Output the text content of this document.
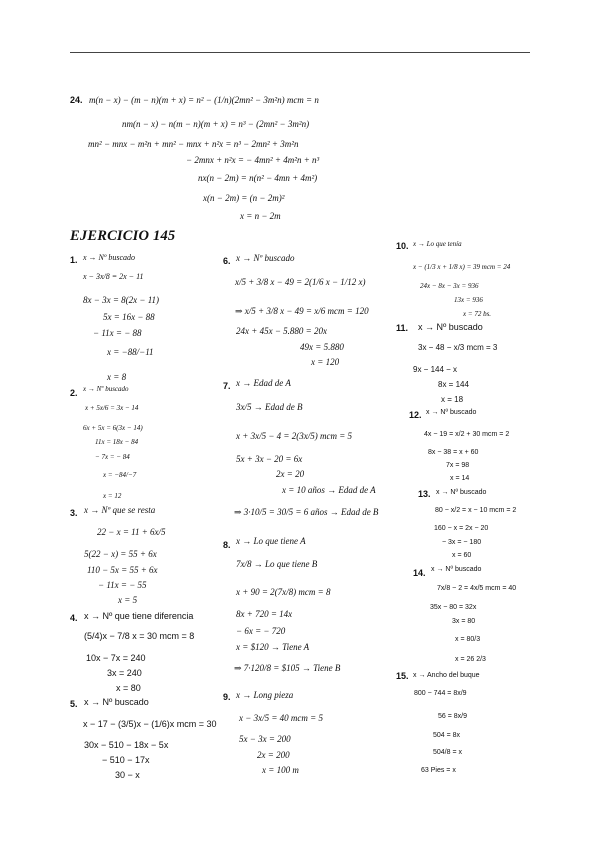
24. m(n − x) − (m − n)(m + x) = n² − (1/n)(2mn² − 3m²n) mcm = n
nm(n − x) − n(m − n)(m + x) = n³ − (2mn² − 3m²n)
mn² − mnx − m²n + mn² − mnx + n²x = n³ − 2mn² + 3m²n
− 2mnx + n²x = − 4mn² + 4m²n + n³
nx(n − 2m) = n(n² − 4mn + 4m²)
x(n − 2m) = (n − 2m)²
x = n − 2m
EJERCICIO 145
1. x → Nº buscado
x − 3x/8 = 2x − 11
8x − 3x = 8(2x − 11)
5x = 16x − 88
− 11x = − 88
x = −88/−11
x = 8
2. x → Nº buscado
x + 5x/6 = 3x − 14
6x + 5x = 6(3x − 14)
11x = 18x − 84
− 7x = − 84
x = −84/−7
x = 12
3. x → Nº que se resta
22 − x = 11 + 6x/5
5(22 − x) = 55 + 6x
110 − 5x = 55 + 6x
− 11x = − 55
x = 5
4. x → Nº que tiene diferencia
(5/4)x − 7/8 x = 30 mcm = 8
10x − 7x = 240
3x = 240
x = 80
5. x → Nº buscado
x − 17 − (3/5)x − (1/6)x mcm = 30
30x − 510 − 18x − 5x
− 510 − 17x
30 − x
6. x → Nº buscado
x/5 + 3/8 x − 49 = 2(1/6 x − 1/12 x)
⇒ x/5 + 3/8 x − 49 = x/6 mcm = 120
24x + 45x − 5.880 = 20x
49x = 5.880
x = 120
7. x → Edad de A
3x/5 → Edad de B
x + 3x/5 − 4 = 2(3x/5) mcm = 5
5x + 3x − 20 = 6x
2x = 20
x = 10 años → Edad de A
⇒ 3·10/5 = 30/5 = 6 años → Edad de B
8. x → Lo que tiene A
7x/8 → Lo que tiene B
x + 90 = 2(7x/8) mcm = 8
8x + 720 = 14x
− 6x = − 720
x = $120 → Tiene A
⇒ 7·120/8 = $105 → Tiene B
9. x → Long pieza
x − 3x/5 = 40 mcm = 5
5x − 3x = 200
2x = 200
x = 100 m
10. x → Lo que tenía
x − (1/3 x + 1/8 x) = 39 mcm = 24
24x − 8x − 3x = 936
13x = 936
x = 72 bs.
11. x → Nº buscado
3x − 48 − x/3 mcm = 3
9x − 144 − x
8x = 144
x = 18
12. x → Nº buscado
4x − 19 = x/2 + 30 mcm = 2
8x − 38 = x + 60
7x = 98
x = 14
13. x → Nº buscado
80 − x/2 = x − 10 mcm = 2
160 − x = 2x − 20
− 3x = − 180
x = 60
14. x → Nº buscado
7x/8 − 2 = 4x/5 mcm = 40
35x − 80 = 32x
3x = 80
x = 80/3
x = 26 2/3
15. x → Ancho del buque
800 − 744 = 8x/9
56 = 8x/9
504 = 8x
504/8 = x
63 Pies = x
